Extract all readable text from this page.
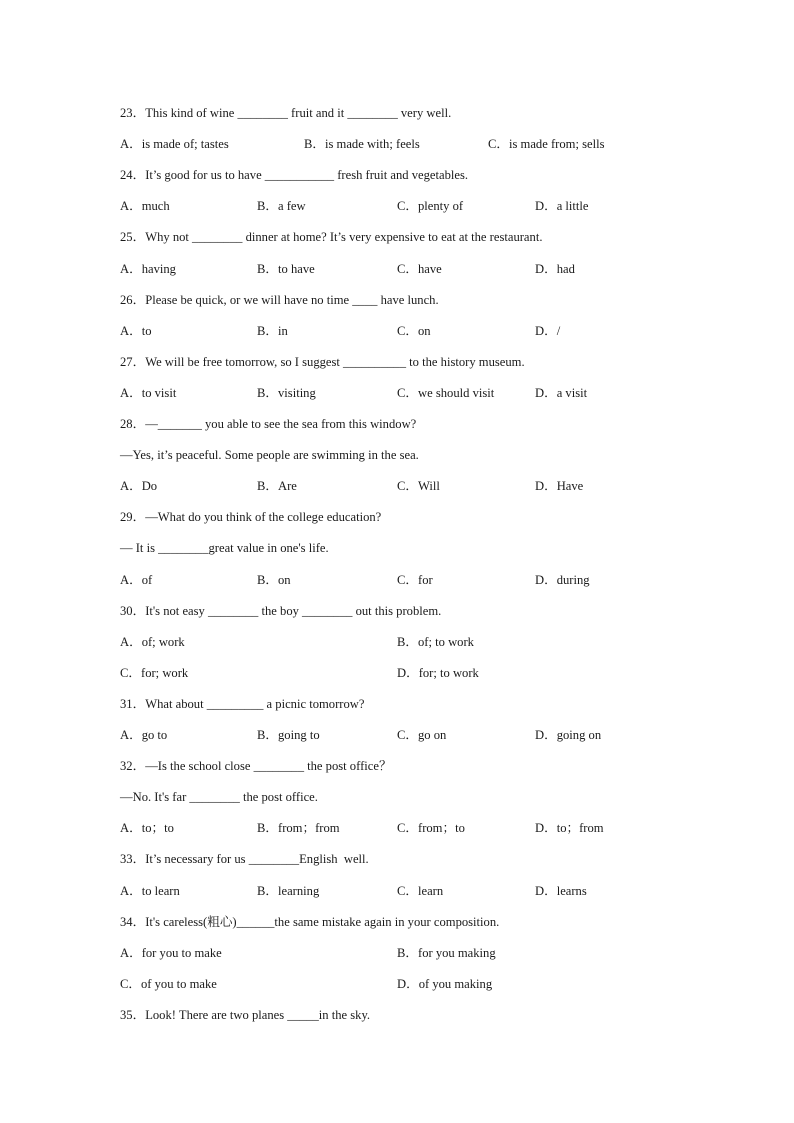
23．This kind of wine ________ fruit and it ________ very well.
A．is made of; tastes	B．is made with; feels	C．is made from; sells
24．It’s good for us to have ___________ fresh fruit and vegetables.
A．much	B．a few	C．plenty of	D．a little
25．Why not ________ dinner at home? It’s very expensive to eat at the restaurant.
A．having	B．to have	C．have	D．had
26．Please be quick, or we will have no time ____ have lunch.
A．to	B．in	C．on	D．/
27．We will be free tomorrow, so I suggest __________ to the history museum.
A．to visit	B．visiting	C．we should visit	D．a visit
28．—_______ you able to see the sea from this window?
—Yes, it’s peaceful. Some people are swimming in the sea.
A．Do	B．Are	C．Will	D．Have
29．—What do you think of the college education?
— It is ________great value in one's life.
A．of	B．on	C．for	D．during
30．It's not easy ________ the boy ________ out this problem.
A．of; work	B．of; to work
C．for; work	D．for; to work
31．What about _________ a picnic tomorrow?
A．go to	B．going to	C．go on	D．going on
32．—Is the school close ________ the post office？
—No. It's far ________ the post office.
A．to；to	B．from；from	C．from；to	D．to；from
33．It’s necessary for us ________English  well.
A．to learn	B．learning	C．learn	D．learns
34．It's careless(粗心)______the same mistake again in your composition.
A．for you to make	B．for you making
C．of you to make	D．of you making
35．Look! There are two planes _____in the sky.
